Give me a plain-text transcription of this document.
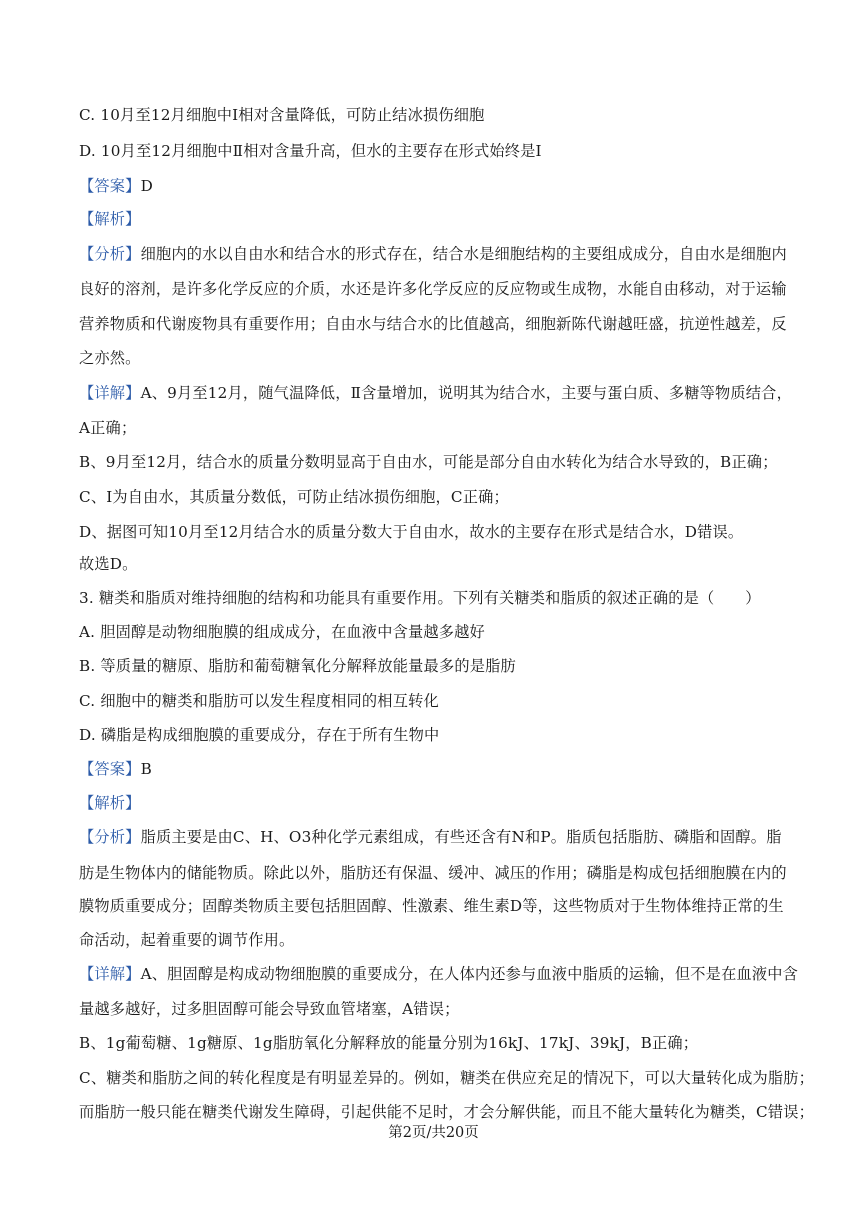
C. 10月至12月细胞中Ⅰ相对含量降低，可防止结冰损伤细胞
D. 10月至12月细胞中Ⅱ相对含量升高，但水的主要存在形式始终是Ⅰ
【答案】D
【解析】
【分析】细胞内的水以自由水和结合水的形式存在，结合水是细胞结构的主要组成成分，自由水是细胞内
良好的溶剂，是许多化学反应的介质，水还是许多化学反应的反应物或生成物，水能自由移动，对于运输
营养物质和代谢废物具有重要作用；自由水与结合水的比值越高，细胞新陈代谢越旺盛，抗逆性越差，反
之亦然。
【详解】A、9月至12月，随气温降低，Ⅱ含量增加，说明其为结合水，主要与蛋白质、多糖等物质结合，
A正确；
B、9月至12月，结合水的质量分数明显高于自由水，可能是部分自由水转化为结合水导致的，B正确；
C、Ⅰ为自由水，其质量分数低，可防止结冰损伤细胞，C正确；
D、据图可知10月至12月结合水的质量分数大于自由水，故水的主要存在形式是结合水，D错误。
故选D。
3. 糖类和脂质对维持细胞的结构和功能具有重要作用。下列有关糖类和脂质的叙述正确的是（　　）
A. 胆固醇是动物细胞膜的组成成分，在血液中含量越多越好
B. 等质量的糖原、脂肪和葡萄糖氧化分解释放能量最多的是脂肪
C. 细胞中的糖类和脂肪可以发生程度相同的相互转化
D. 磷脂是构成细胞膜的重要成分，存在于所有生物中
【答案】B
【解析】
【分析】脂质主要是由C、H、O3种化学元素组成，有些还含有N和P。脂质包括脂肪、磷脂和固醇。脂
肪是生物体内的储能物质。除此以外，脂肪还有保温、缓冲、减压的作用；磷脂是构成包括细胞膜在内的
膜物质重要成分；固醇类物质主要包括胆固醇、性激素、维生素D等，这些物质对于生物体维持正常的生
命活动，起着重要的调节作用。
【详解】A、胆固醇是构成动物细胞膜的重要成分，在人体内还参与血液中脂质的运输，但不是在血液中含
量越多越好，过多胆固醇可能会导致血管堵塞，A错误；
B、1g葡萄糖、1g糖原、1g脂肪氧化分解释放的能量分别为16kJ、17kJ、39kJ，B正确；
C、糖类和脂肪之间的转化程度是有明显差异的。例如，糖类在供应充足的情况下，可以大量转化成为脂肪；
而脂肪一般只能在糖类代谢发生障碍，引起供能不足时，才会分解供能，而且不能大量转化为糖类，C错误；
第2页/共20页
